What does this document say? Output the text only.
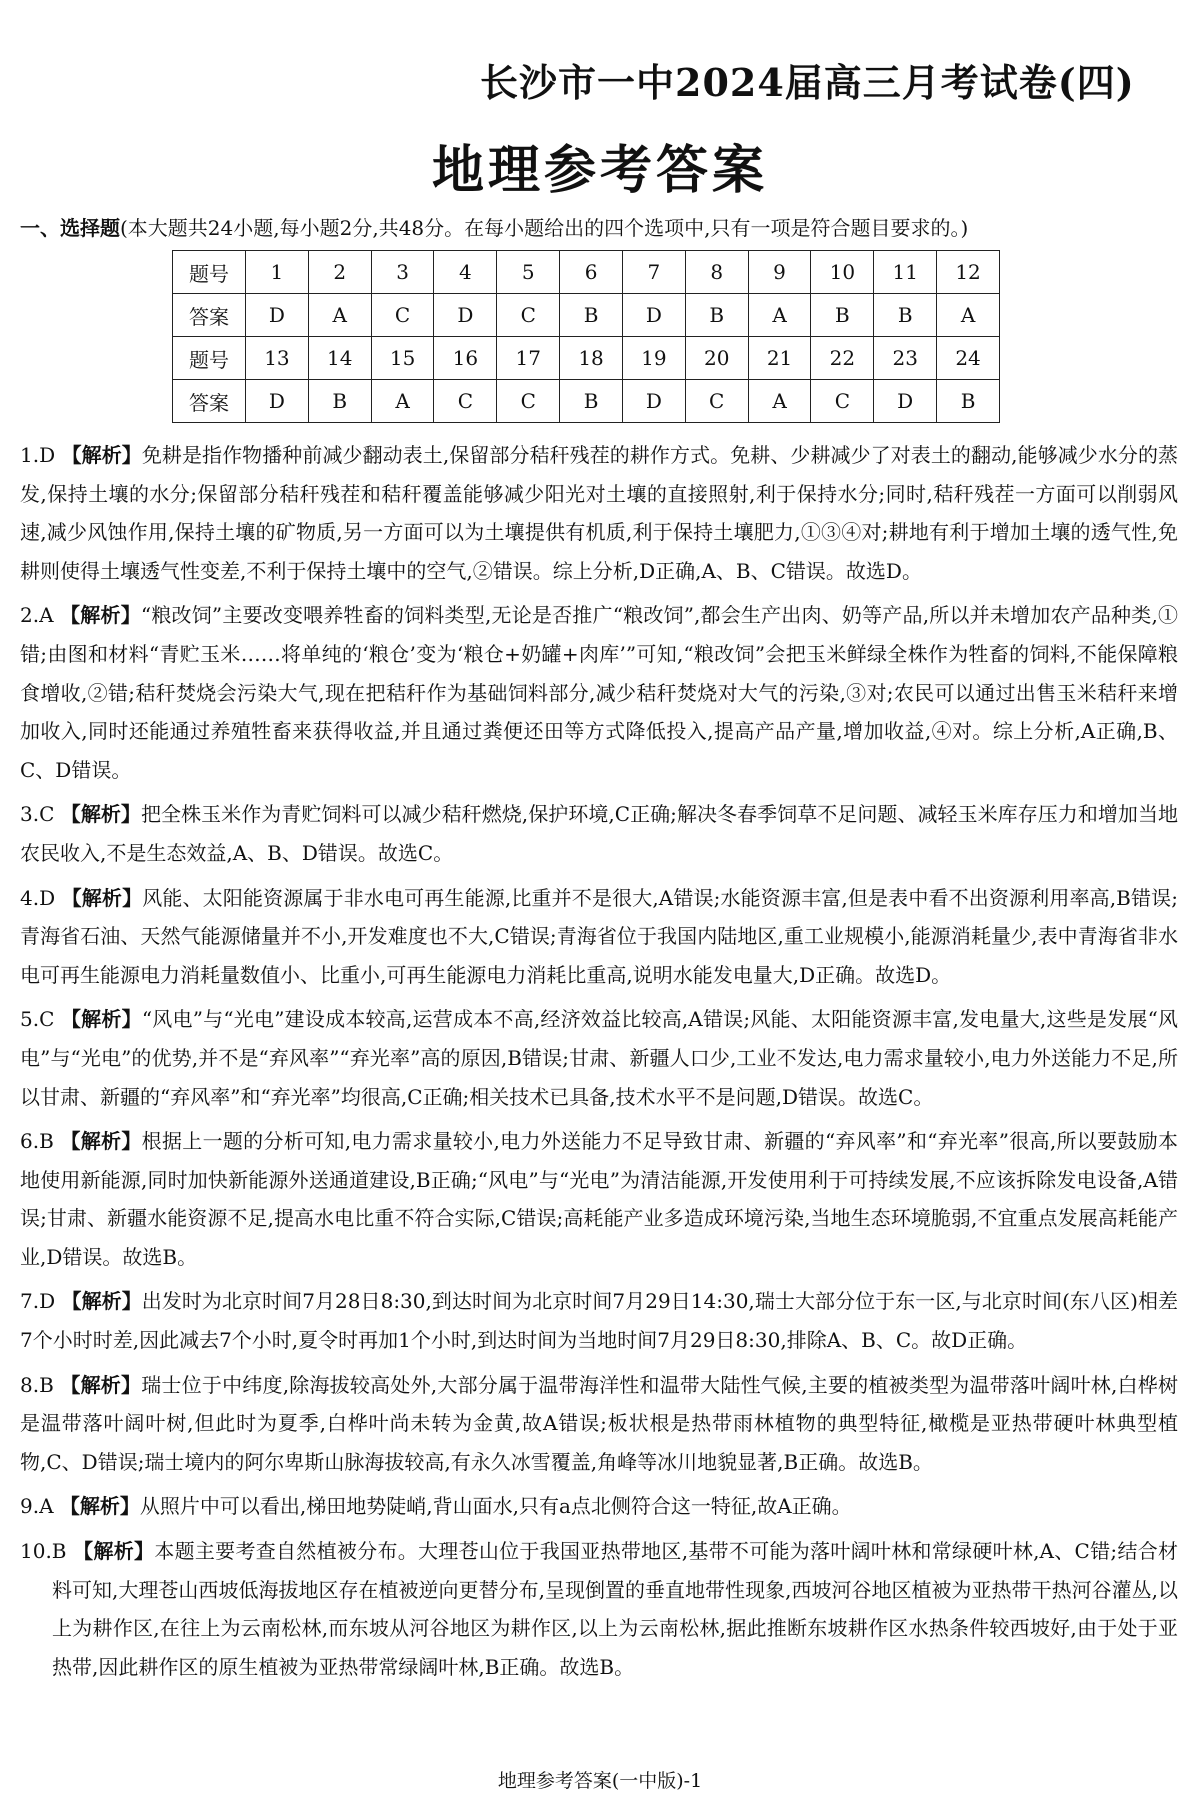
长沙市一中2024届高三月考试卷(四)
地理参考答案
一、选择题(本大题共24小题,每小题2分,共48分。在每小题给出的四个选项中,只有一项是符合题目要求的。)
题号	1	2	3	4	5	6	7	8	9	10	11	12
答案	D	A	C	D	C	B	D	B	A	B	B	A
题号	13	14	15	16	17	18	19	20	21	22	23	24
答案	D	B	A	C	C	B	D	C	A	C	D	B
1.D 【解析】免耕是指作物播种前减少翻动表土,保留部分秸秆残茬的耕作方式。免耕、少耕减少了对表土的翻动,能够减少水分的蒸发,保持土壤的水分;保留部分秸秆残茬和秸秆覆盖能够减少阳光对土壤的直接照射,利于保持水分;同时,秸秆残茬一方面可以削弱风速,减少风蚀作用,保持土壤的矿物质,另一方面可以为土壤提供有机质,利于保持土壤肥力,①③④对;耕地有利于增加土壤的透气性,免耕则使得土壤透气性变差,不利于保持土壤中的空气,②错误。综上分析,D正确,A、B、C错误。故选D。
2.A 【解析】“粮改饲”主要改变喂养牲畜的饲料类型,无论是否推广“粮改饲”,都会生产出肉、奶等产品,所以并未增加农产品种类,①错;由图和材料“青贮玉米……将单纯的‘粮仓’变为‘粮仓+奶罐+肉库’”可知,“粮改饲”会把玉米鲜绿全株作为牲畜的饲料,不能保障粮食增收,②错;秸秆焚烧会污染大气,现在把秸秆作为基础饲料部分,减少秸秆焚烧对大气的污染,③对;农民可以通过出售玉米秸秆来增加收入,同时还能通过养殖牲畜来获得收益,并且通过粪便还田等方式降低投入,提高产品产量,增加收益,④对。综上分析,A正确,B、C、D错误。
3.C 【解析】把全株玉米作为青贮饲料可以减少秸秆燃烧,保护环境,C正确;解决冬春季饲草不足问题、减轻玉米库存压力和增加当地农民收入,不是生态效益,A、B、D错误。故选C。
4.D 【解析】风能、太阳能资源属于非水电可再生能源,比重并不是很大,A错误;水能资源丰富,但是表中看不出资源利用率高,B错误;青海省石油、天然气能源储量并不小,开发难度也不大,C错误;青海省位于我国内陆地区,重工业规模小,能源消耗量少,表中青海省非水电可再生能源电力消耗量数值小、比重小,可再生能源电力消耗比重高,说明水能发电量大,D正确。故选D。
5.C 【解析】“风电”与“光电”建设成本较高,运营成本不高,经济效益比较高,A错误;风能、太阳能资源丰富,发电量大,这些是发展“风电”与“光电”的优势,并不是“弃风率”“弃光率”高的原因,B错误;甘肃、新疆人口少,工业不发达,电力需求量较小,电力外送能力不足,所以甘肃、新疆的“弃风率”和“弃光率”均很高,C正确;相关技术已具备,技术水平不是问题,D错误。故选C。
6.B 【解析】根据上一题的分析可知,电力需求量较小,电力外送能力不足导致甘肃、新疆的“弃风率”和“弃光率”很高,所以要鼓励本地使用新能源,同时加快新能源外送通道建设,B正确;“风电”与“光电”为清洁能源,开发使用利于可持续发展,不应该拆除发电设备,A错误;甘肃、新疆水能资源不足,提高水电比重不符合实际,C错误;高耗能产业多造成环境污染,当地生态环境脆弱,不宜重点发展高耗能产业,D错误。故选B。
7.D 【解析】出发时为北京时间7月28日8:30,到达时间为北京时间7月29日14:30,瑞士大部分位于东一区,与北京时间(东八区)相差7个小时时差,因此减去7个小时,夏令时再加1个小时,到达时间为当地时间7月29日8:30,排除A、B、C。故D正确。
8.B 【解析】瑞士位于中纬度,除海拔较高处外,大部分属于温带海洋性和温带大陆性气候,主要的植被类型为温带落叶阔叶林,白桦树是温带落叶阔叶树,但此时为夏季,白桦叶尚未转为金黄,故A错误;板状根是热带雨林植物的典型特征,橄榄是亚热带硬叶林典型植物,C、D错误;瑞士境内的阿尔卑斯山脉海拔较高,有永久冰雪覆盖,角峰等冰川地貌显著,B正确。故选B。
9.A 【解析】从照片中可以看出,梯田地势陡峭,背山面水,只有a点北侧符合这一特征,故A正确。
10.B 【解析】本题主要考查自然植被分布。大理苍山位于我国亚热带地区,基带不可能为落叶阔叶林和常绿硬叶林,A、C错;结合材料可知,大理苍山西坡低海拔地区存在植被逆向更替分布,呈现倒置的垂直地带性现象,西坡河谷地区植被为亚热带干热河谷灌丛,以上为耕作区,在往上为云南松林,而东坡从河谷地区为耕作区,以上为云南松林,据此推断东坡耕作区水热条件较西坡好,由于处于亚热带,因此耕作区的原生植被为亚热带常绿阔叶林,B正确。故选B。
地理参考答案(一中版)-1
